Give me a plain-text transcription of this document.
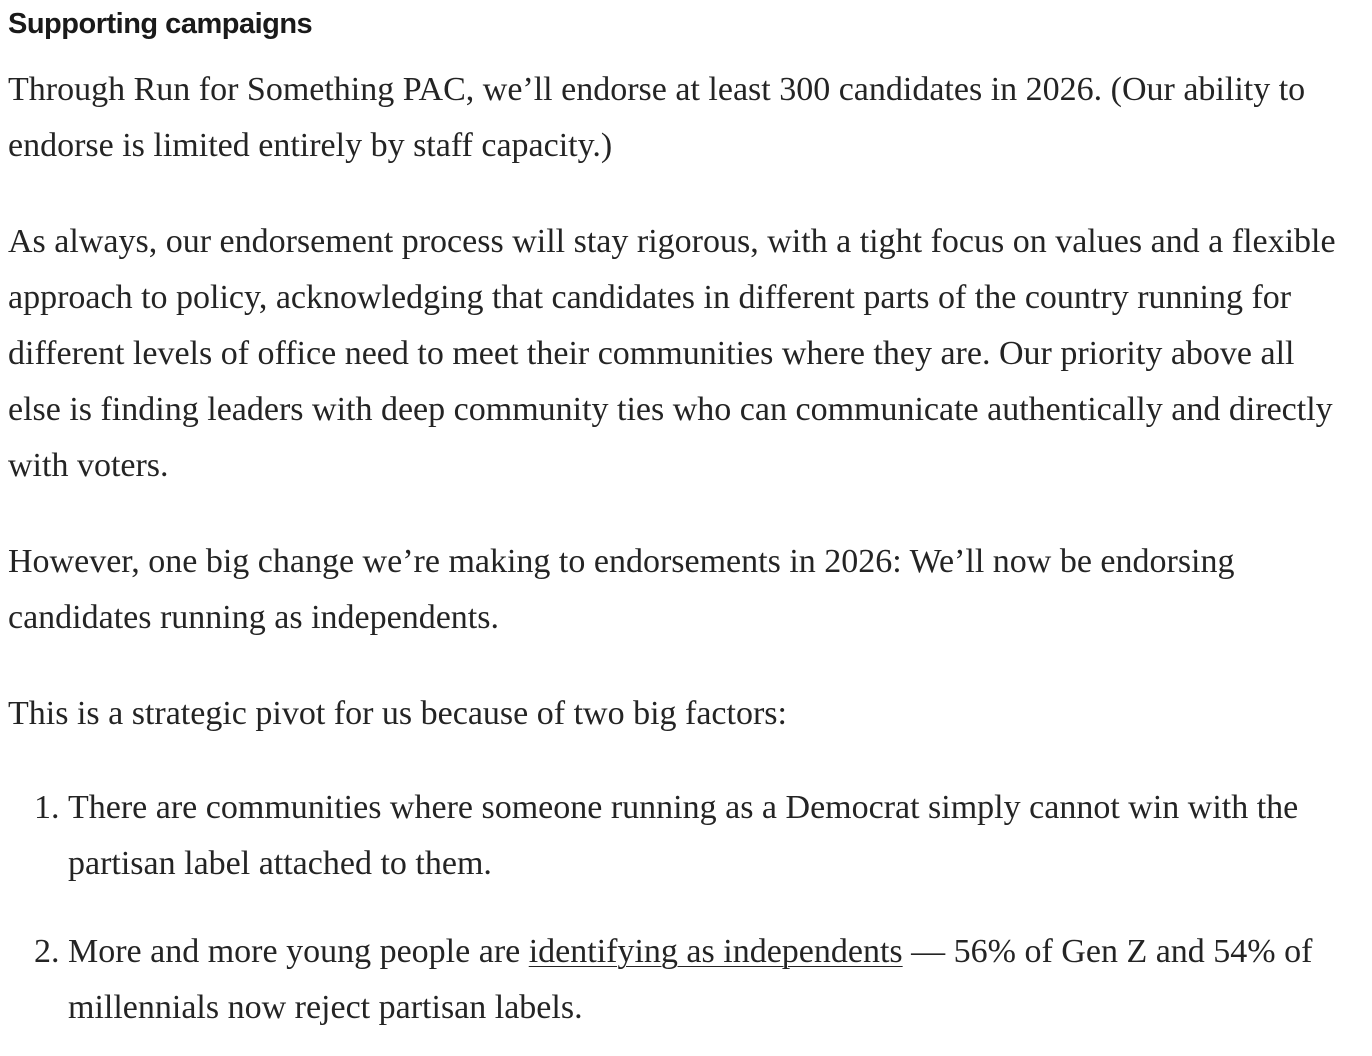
Supporting campaigns

Through Run for Something PAC, we’ll endorse at least 300 candidates in 2026. (Our ability to endorse is limited entirely by staff capacity.)

As always, our endorsement process will stay rigorous, with a tight focus on values and a flexible approach to policy, acknowledging that candidates in different parts of the country running for different levels of office need to meet their communities where they are. Our priority above all else is finding leaders with deep community ties who can communicate authentically and directly with voters.

However, one big change we’re making to endorsements in 2026: We’ll now be endorsing candidates running as independents.

This is a strategic pivot for us because of two big factors:

1. There are communities where someone running as a Democrat simply cannot win with the partisan label attached to them.
2. More and more young people are identifying as independents — 56% of Gen Z and 54% of millennials now reject partisan labels.
